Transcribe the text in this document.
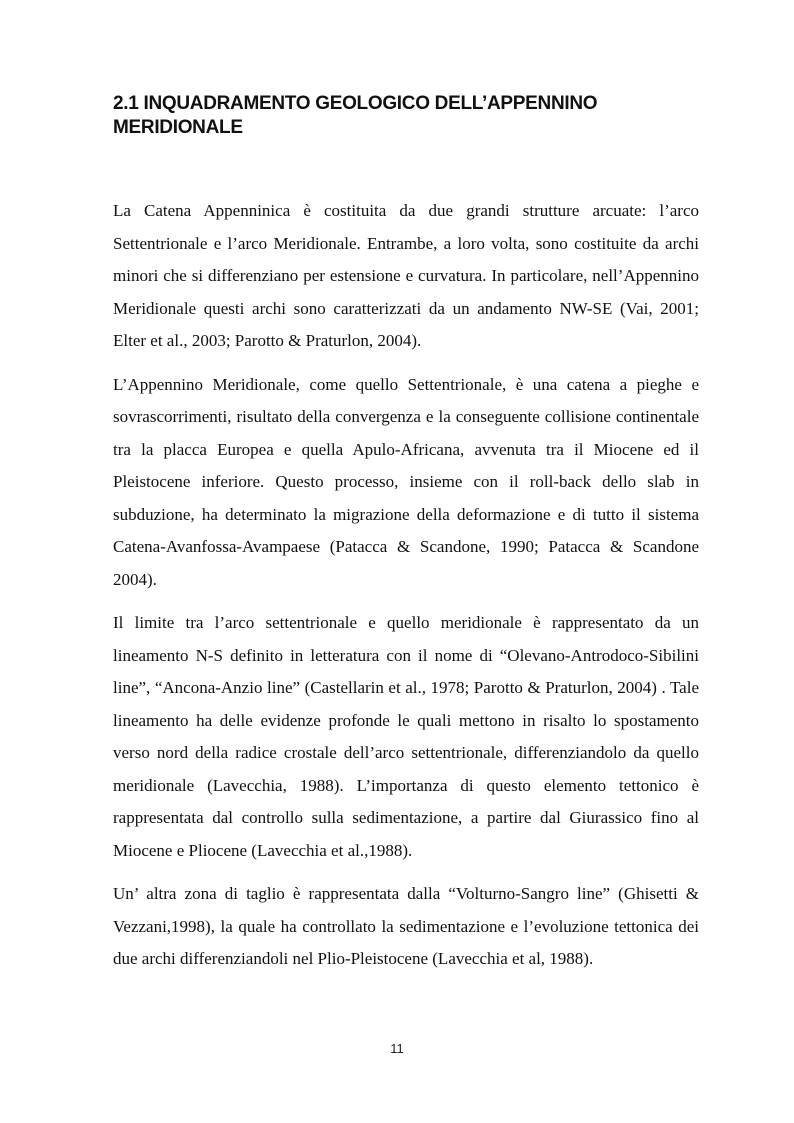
2.1 INQUADRAMENTO GEOLOGICO DELL’APPENNINO MERIDIONALE

La Catena Appenninica è costituita da due grandi strutture arcuate: l’arco Settentrionale e l’arco Meridionale. Entrambe, a loro volta, sono costituite da archi minori che si differenziano per estensione e curvatura. In particolare, nell’Appennino Meridionale questi archi sono caratterizzati da un andamento NW-SE (Vai, 2001; Elter et al., 2003; Parotto & Praturlon, 2004).

L’Appennino Meridionale, come quello Settentrionale, è una catena a pieghe e sovrascorrimenti, risultato della convergenza e la conseguente collisione continentale tra la placca Europea e quella Apulo-Africana, avvenuta tra il Miocene ed il Pleistocene inferiore. Questo processo, insieme con il roll-back dello slab in subduzione, ha determinato la migrazione della deformazione e di tutto il sistema Catena-Avanfossa-Avampaese (Patacca & Scandone, 1990; Patacca & Scandone 2004).

Il limite tra l’arco settentrionale e quello meridionale è rappresentato da un lineamento N-S definito in letteratura con il nome di “Olevano-Antrodoco-Sibilini line”, “Ancona-Anzio line” (Castellarin et al., 1978; Parotto & Praturlon, 2004) . Tale lineamento ha delle evidenze profonde le quali mettono in risalto lo spostamento verso nord della radice crostale dell’arco settentrionale, differenziandolo da quello meridionale (Lavecchia, 1988). L’importanza di questo elemento tettonico è rappresentata dal controllo sulla sedimentazione, a partire dal Giurassico fino al Miocene e Pliocene (Lavecchia et al.,1988).

Un’ altra zona di taglio è rappresentata dalla “Volturno-Sangro line” (Ghisetti & Vezzani,1998), la quale ha controllato la sedimentazione e l’evoluzione tettonica dei due archi differenziandoli nel Plio-Pleistocene (Lavecchia et al, 1988).

11
